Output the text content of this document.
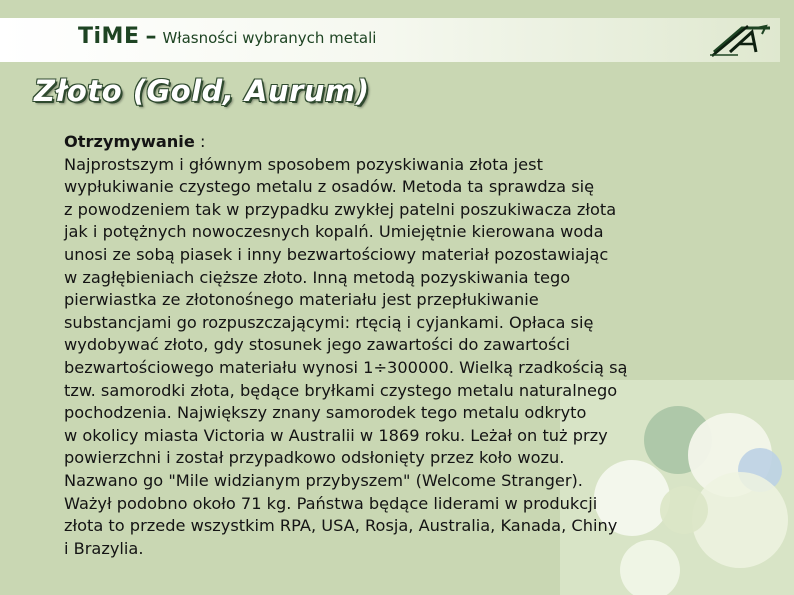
TiME – Własności wybranych metali
Złoto (Gold, Aurum)
Otrzymywanie :
Najprostszym i głównym sposobem pozyskiwania złota jest
wypłukiwanie czystego metalu z osadów. Metoda ta sprawdza się
z powodzeniem tak w przypadku zwykłej patelni poszukiwacza złota
jak i potężnych nowoczesnych kopalń. Umiejętnie kierowana woda
unosi ze sobą piasek i inny bezwartościowy materiał pozostawiając
w zagłębieniach cięższe złoto. Inną metodą pozyskiwania tego
pierwiastka ze złotonośnego materiału jest przepłukiwanie
substancjami go rozpuszczającymi: rtęcią i cyjankami. Opłaca się
wydobywać złoto, gdy stosunek jego zawartości do zawartości
bezwartościowego materiału wynosi 1÷300000. Wielką rzadkością są
tzw. samorodki złota, będące bryłkami czystego metalu naturalnego
pochodzenia. Największy znany samorodek tego metalu odkryto
w okolicy miasta Victoria w Australii w 1869 roku. Leżał on tuż przy
powierzchni i został przypadkowo odsłonięty przez koło wozu.
Nazwano go "Mile widzianym przybyszem" (Welcome Stranger).
Ważył podobno około 71 kg. Państwa będące liderami w produkcji
złota to przede wszystkim RPA, USA, Rosja, Australia, Kanada, Chiny
i Brazylia.
